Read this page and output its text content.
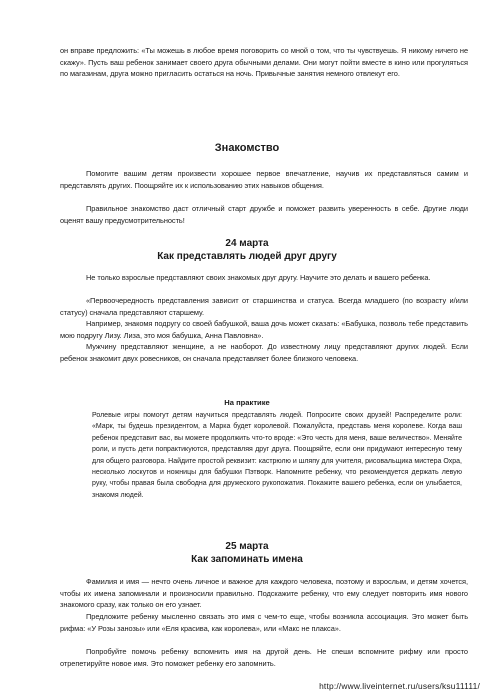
он вправе предложить: «Ты можешь в любое время поговорить со мной о том, что ты чувствуешь. Я никому ничего не скажу». Пусть ваш ребенок занимает своего друга обычными делами. Они могут пойти вместе в кино или прогуляться по магазинам, друга можно пригласить остаться на ночь. Привычные занятия немного отвлекут его.

Знакомство

Помогите вашим детям произвести хорошее первое впечатление, научив их представляться самим и представлять других. Поощряйте их к использованию этих навыков общения.

Правильное знакомство даст отличный старт дружбе и поможет развить уверенность в себе. Другие люди оценят вашу предусмотрительность!

24 марта
Как представлять людей друг другу

Не только взрослые представляют своих знакомых друг другу. Научите это делать и вашего ребенка.

«Первоочередность представления зависит от старшинства и статуса. Всегда младшего (по возрасту и/или статусу) сначала представляют старшему.

Например, знакомя подругу со своей бабушкой, ваша дочь может сказать: «Бабушка, позволь тебе представить мою подругу Лизу. Лиза, это моя бабушка, Анна Павловна».

Мужчину представляют женщине, а не наоборот. До известному лицу представляют других людей. Если ребенок знакомит двух ровесников, он сначала представляет более близкого человека.

На практике

Ролевые игры помогут детям научиться представлять людей. Попросите своих друзей! Распределите роли: «Марк, ты будешь президентом, а Марка будет королевой. Пожалуйста, представь меня королеве. Когда ваш ребенок представит вас, вы можете продолжить что-то вроде: «Это честь для меня, ваше величество». Меняйте роли, и пусть дети попрактикуются, представляя друг друга. Поощряйте, если они придумают интересную тему для общего разговора. Найдите простой реквизит: кастрюлю и шляпу для учителя, рисовальщика мистера Охра, несколько лоскутов и ножницы для бабушки Пэтворк. Напомните ребенку, что рекомендуется держать левую руку, чтобы правая была свободна для дружеского рукопожатия. Покажите вашего ребенка, если он улыбается, знакомя людей.

25 марта
Как запоминать имена

Фамилия и имя — нечто очень личное и важное для каждого человека, поэтому и взрослым, и детям хочется, чтобы их имена запоминали и произносили правильно. Подскажите ребенку, что ему следует повторить имя нового знакомого сразу, как только он его узнает.

Предложите ребенку мысленно связать это имя с чем-то еще, чтобы возникла ассоциация. Это может быть рифма: «У Розы занозы» или «Еля красива, как королева», или «Макс не плакса».

Попробуйте помочь ребенку вспомнить имя на другой день. Не спеши вспомните рифму или просто отрепетируйте новое имя. Это поможет ребенку его запомнить.

http://www.liveinternet.ru/users/ksu11111/
